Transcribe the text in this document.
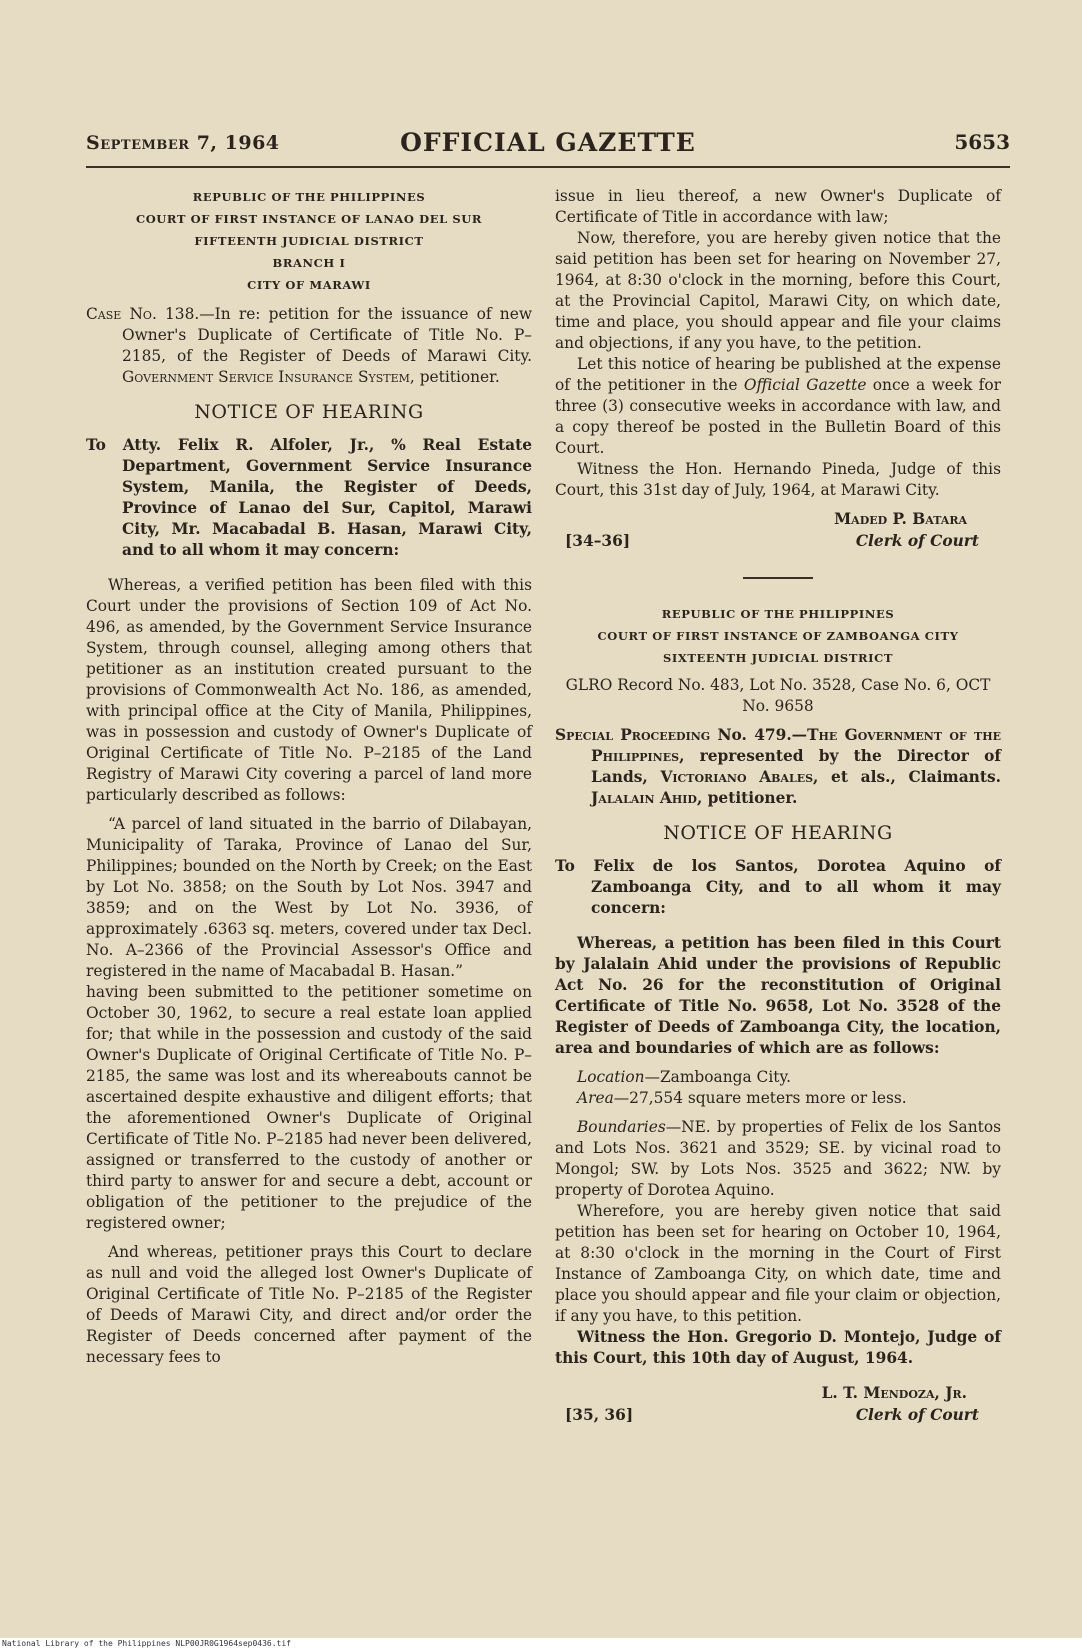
September 7, 1964	OFFICIAL GAZETTE	5653
REPUBLIC OF THE PHILIPPINES
COURT OF FIRST INSTANCE OF LANAO DEL SUR
FIFTEENTH JUDICIAL DISTRICT
BRANCH I
CITY OF MARAWI

Case No. 138.—In re: petition for the issuance of new Owner's Duplicate of Certificate of Title No. P–2185, of the Register of Deeds of Marawi City. Government Service Insurance System, petitioner.

NOTICE OF HEARING

To Atty. Felix R. Alfoler, Jr., % Real Estate Department, Government Service Insurance System, Manila, the Register of Deeds, Province of Lanao del Sur, Capitol, Marawi City, Mr. Macabadal B. Hasan, Marawi City, and to all whom it may concern:

Whereas, a verified petition has been filed with this Court under the provisions of Section 109 of Act No. 496, as amended, by the Government Service Insurance System, through counsel, alleging among others that petitioner as an institution created pursuant to the provisions of Commonwealth Act No. 186, as amended, with principal office at the City of Manila, Philippines, was in possession and custody of Owner's Duplicate of Original Certificate of Title No. P–2185 of the Land Registry of Marawi City covering a parcel of land more particularly described as follows:

“A parcel of land situated in the barrio of Dilabayan, Municipality of Taraka, Province of Lanao del Sur, Philippines; bounded on the North by Creek; on the East by Lot No. 3858; on the South by Lot Nos. 3947 and 3859; and on the West by Lot No. 3936, of approximately .6363 sq. meters, covered under tax Decl. No. A–2366 of the Provincial Assessor's Office and registered in the name of Macabadal B. Hasan.”

having been submitted to the petitioner sometime on October 30, 1962, to secure a real estate loan applied for; that while in the possession and custody of the said Owner's Duplicate of Original Certificate of Title No. P–2185, the same was lost and its whereabouts cannot be ascertained despite exhaustive and diligent efforts; that the aforementioned Owner's Duplicate of Original Certificate of Title No. P–2185 had never been delivered, assigned or transferred to the custody of another or third party to answer for and secure a debt, account or obligation of the petitioner to the prejudice of the registered owner;

And whereas, petitioner prays this Court to declare as null and void the alleged lost Owner's Duplicate of Original Certificate of Title No. P–2185 of the Register of Deeds of Marawi City, and direct and/or order the Register of Deeds concerned after payment of the necessary fees to

issue in lieu thereof, a new Owner's Duplicate of Certificate of Title in accordance with law;

Now, therefore, you are hereby given notice that the said petition has been set for hearing on November 27, 1964, at 8:30 o'clock in the morning, before this Court, at the Provincial Capitol, Marawi City, on which date, time and place, you should appear and file your claims and objections, if any you have, to the petition.

Let this notice of hearing be published at the expense of the petitioner in the Official Gazette once a week for three (3) consecutive weeks in accordance with law, and a copy thereof be posted in the Bulletin Board of this Court.

Witness the Hon. Hernando Pineda, Judge of this Court, this 31st day of July, 1964, at Marawi City.

Maded P. Batara
[34–36]	Clerk of Court
REPUBLIC OF THE PHILIPPINES
COURT OF FIRST INSTANCE OF ZAMBOANGA CITY
SIXTEENTH JUDICIAL DISTRICT

GLRO Record No. 483, Lot No. 3528, Case No. 6, OCT No. 9658

Special Proceeding No. 479.—The Government of the Philippines, represented by the Director of Lands, Victoriano Abales, et als., Claimants. Jalalain Ahid, petitioner.

NOTICE OF HEARING

To Felix de los Santos, Dorotea Aquino of Zamboanga City, and to all whom it may concern:

Whereas, a petition has been filed in this Court by Jalalain Ahid under the provisions of Republic Act No. 26 for the reconstitution of Original Certificate of Title No. 9658, Lot No. 3528 of the Register of Deeds of Zamboanga City, the location, area and boundaries of which are as follows:

Location—Zamboanga City.

Area—27,554 square meters more or less.

Boundaries—NE. by properties of Felix de los Santos and Lots Nos. 3621 and 3529; SE. by vicinal road to Mongol; SW. by Lots Nos. 3525 and 3622; NW. by property of Dorotea Aquino.

Wherefore, you are hereby given notice that said petition has been set for hearing on October 10, 1964, at 8:30 o'clock in the morning in the Court of First Instance of Zamboanga City, on which date, time and place you should appear and file your claim or objection, if any you have, to this petition.

Witness the Hon. Gregorio D. Montejo, Judge of this Court, this 10th day of August, 1964.

L. T. Mendoza, Jr.
[35, 36]	Clerk of Court
National Library of the Philippines NLP00JR0G1964sep0436.tif
